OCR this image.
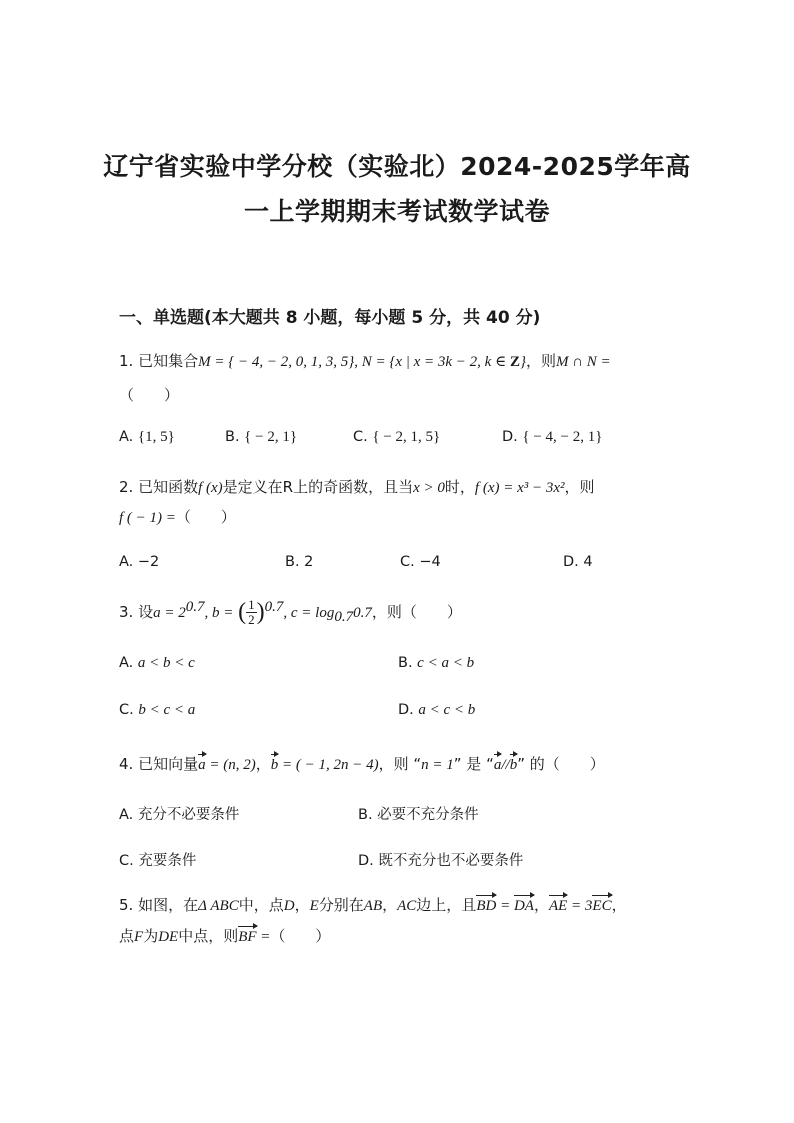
辽宁省实验中学分校（实验北）2024-2025学年高
一上学期期末考试数学试卷
一、单选题(本大题共 8 小题，每小题 5 分，共 40 分)
1. 已知集合M = { − 4, − 2, 0, 1, 3, 5}, N = {x | x = 3k − 2, k ∈ Z}，则M ∩ N =
（　　）
A. {1, 5}	B. { − 2, 1}	C. { − 2, 1, 5}	D. { − 4, − 2, 1}
2. 已知函数f (x)是定义在R上的奇函数，且当x > 0时，f (x) = x³ − 3x²，则
f ( − 1) =（　　）
A. −2	B. 2	C. −4	D. 4
3. 设$a = 2^{0.7}$, b = ( $\frac{1}{2} )^{0.7}$, $c = \log_{0.7}0.7$，则（　　）
A. a < b < c	B. c < a < b
C. b < c < a	D. a < c < b
4. 已知向量a = (n, 2)，b = ( − 1, 2n − 4)，则 “n = 1” 是 “a//b” 的（　　）
A. 充分不必要条件	B. 必要不充分条件
C. 充要条件	D. 既不充分也不必要条件
5. 如图，在Δ ABC中，点D，E分别在AB，AC边上，且BD = DA，AE = 3EC，
点F为DE中点，则BF =（　　）
